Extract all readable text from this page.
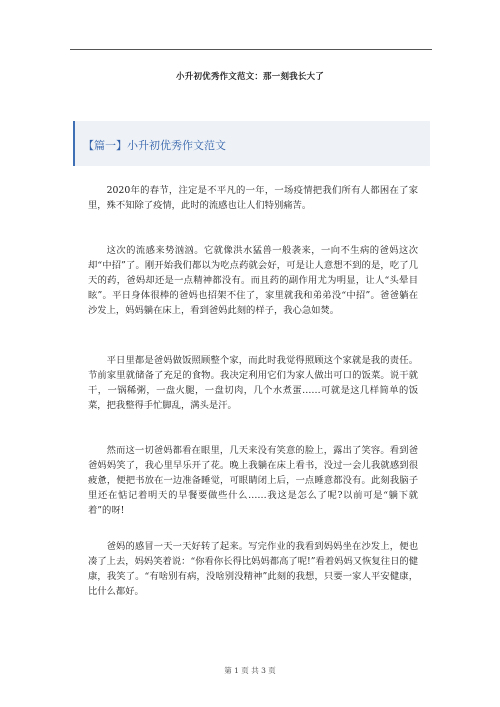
小升初优秀作文范文：那一刻我长大了
【篇一】小升初优秀作文范文

2020年的春节，注定是不平凡的一年，一场疫情把我们所有人都困在了家里，殊不知除了疫情，此时的流感也让人们特别痛苦。

这次的流感来势汹汹。它就像洪水猛兽一般袭来，一向不生病的爸妈这次却“中招”了。刚开始我们都以为吃点药就会好，可是让人意想不到的是，吃了几天的药，爸妈却还是一点精神都没有。而且药的副作用尤为明显，让人“头晕目眩”。平日身体很棒的爸妈也招架不住了，家里就我和弟弟没“中招”。爸爸躺在沙发上，妈妈躺在床上，看到爸妈此刻的样子，我心急如焚。

平日里都是爸妈做饭照顾整个家，而此时我觉得照顾这个家就是我的责任。节前家里就储备了充足的食物。我决定利用它们为家人做出可口的饭菜。说干就干，一锅稀粥，一盘火腿，一盘切肉，几个水煮蛋……可就是这几样简单的饭菜，把我整得手忙脚乱，满头是汗。

然而这一切爸妈都看在眼里，几天来没有笑意的脸上，露出了笑容。看到爸爸妈妈笑了，我心里早乐开了花。晚上我躺在床上看书，没过一会儿我就感到很疲惫，便把书放在一边准备睡觉，可眼睛闭上后，一点睡意都没有。此刻我脑子里还在惦记着明天的早餐要做些什么……我这是怎么了呢?以前可是“躺下就着”的呀!

爸妈的感冒一天一天好转了起来。写完作业的我看到妈妈坐在沙发上，便也凑了上去，妈妈笑着说：“你看你长得比妈妈都高了呢!”看着妈妈又恢复往日的健康，我笑了。“有啥别有病，没啥别没精神”此刻的我想，只要一家人平安健康，比什么都好。

第 1 页 共 3 页
